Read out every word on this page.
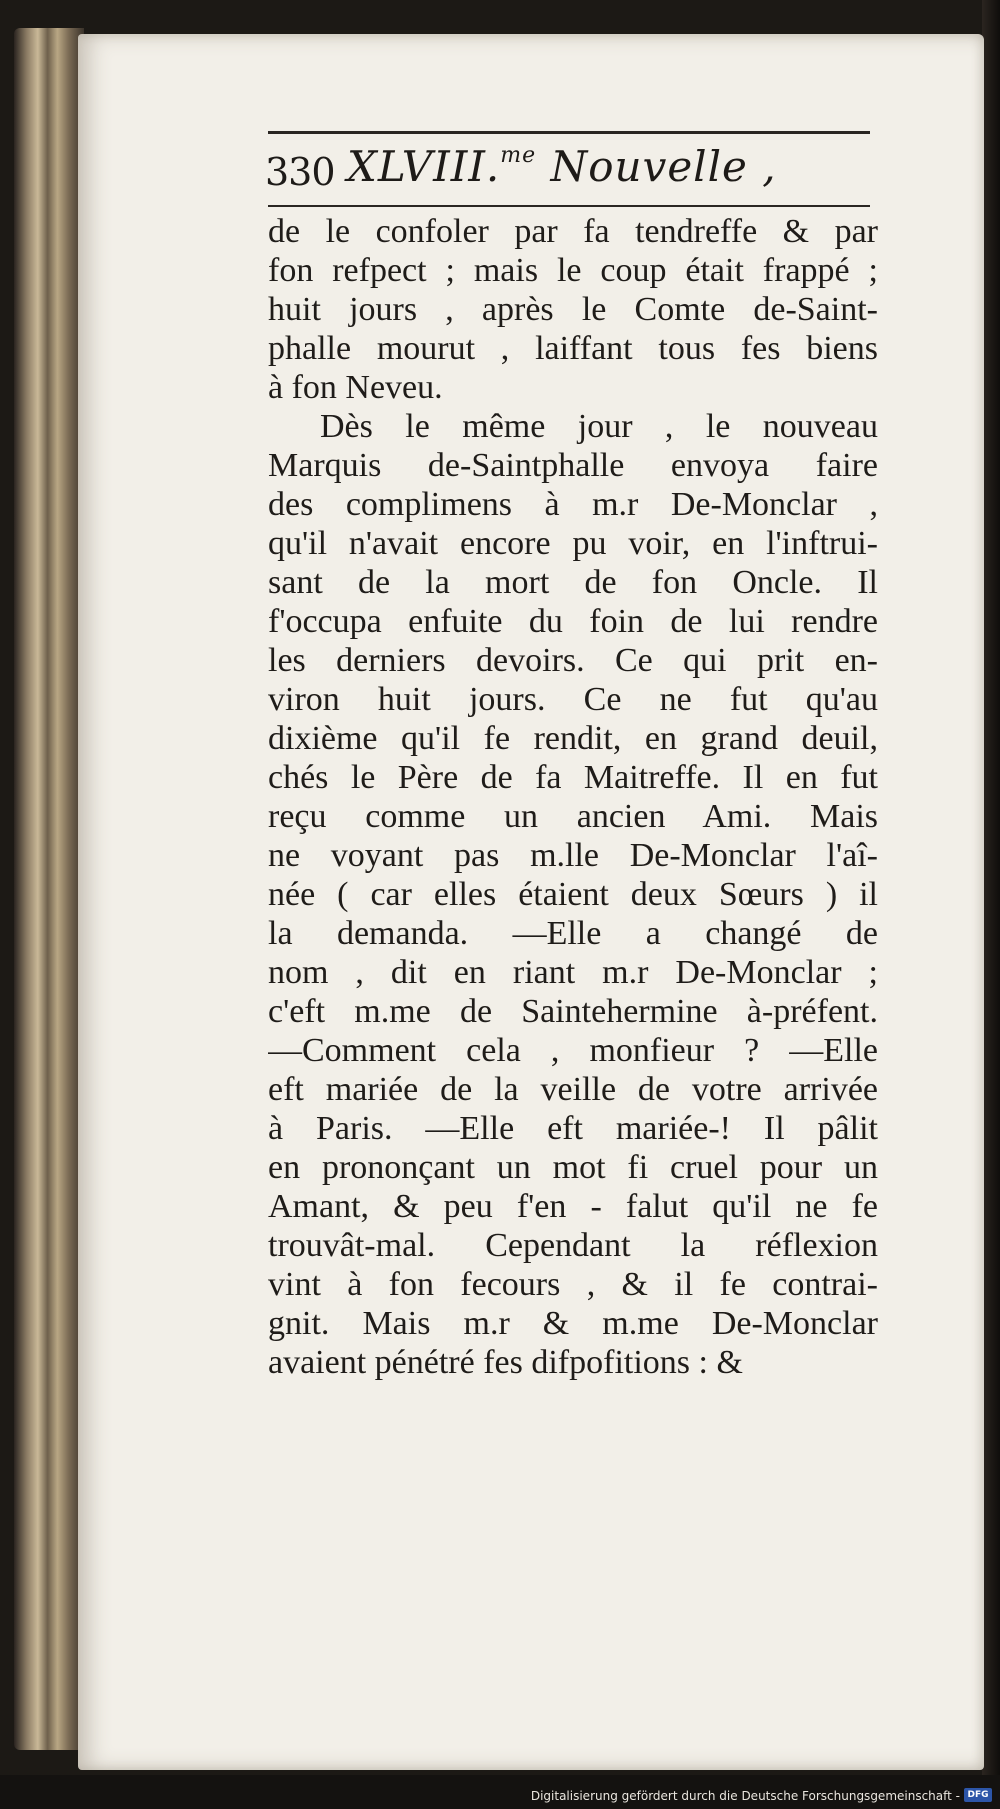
330 XLVIII.$^{me}$ Nouvelle ,
de le confoler par fa tendreffe & par
fon refpect ; mais le coup était frappé ;
huit jours , après le Comte de-Saint-
phalle mourut , laiffant tous fes biens
à fon Neveu.
Dès le même jour , le nouveau
Marquis de-Saintphalle envoya faire
des complimens à m.r De-Monclar ,
qu'il n'avait encore pu voir, en l'inftrui-
sant de la mort de fon Oncle. Il
f'occupa enfuite du foin de lui rendre
les derniers devoirs. Ce qui prit en-
viron huit jours. Ce ne fut qu'au
dixième qu'il fe rendit, en grand deuil,
chés le Père de fa Maitreffe. Il en fut
reçu comme un ancien Ami. Mais
ne voyant pas m.lle De-Monclar l'aî-
née ( car elles étaient deux Sœurs ) il
la demanda. —Elle a changé de
nom , dit en riant m.r De-Monclar ;
c'eft m.me de Saintehermine à-préfent.
—Comment cela , monfieur ? —Elle
eft mariée de la veille de votre arrivée
à Paris. —Elle eft mariée-! Il pâlit
en prononçant un mot fi cruel pour un
Amant, & peu f'en - falut qu'il ne fe
trouvât-mal. Cependant la réflexion
vint à fon fecours , & il fe contrai-
gnit. Mais m.r & m.me De-Monclar
avaient pénétré fes difpofitions : &
Digitalisierung gefördert durch die Deutsche Forschungsgemeinschaft - DFG
